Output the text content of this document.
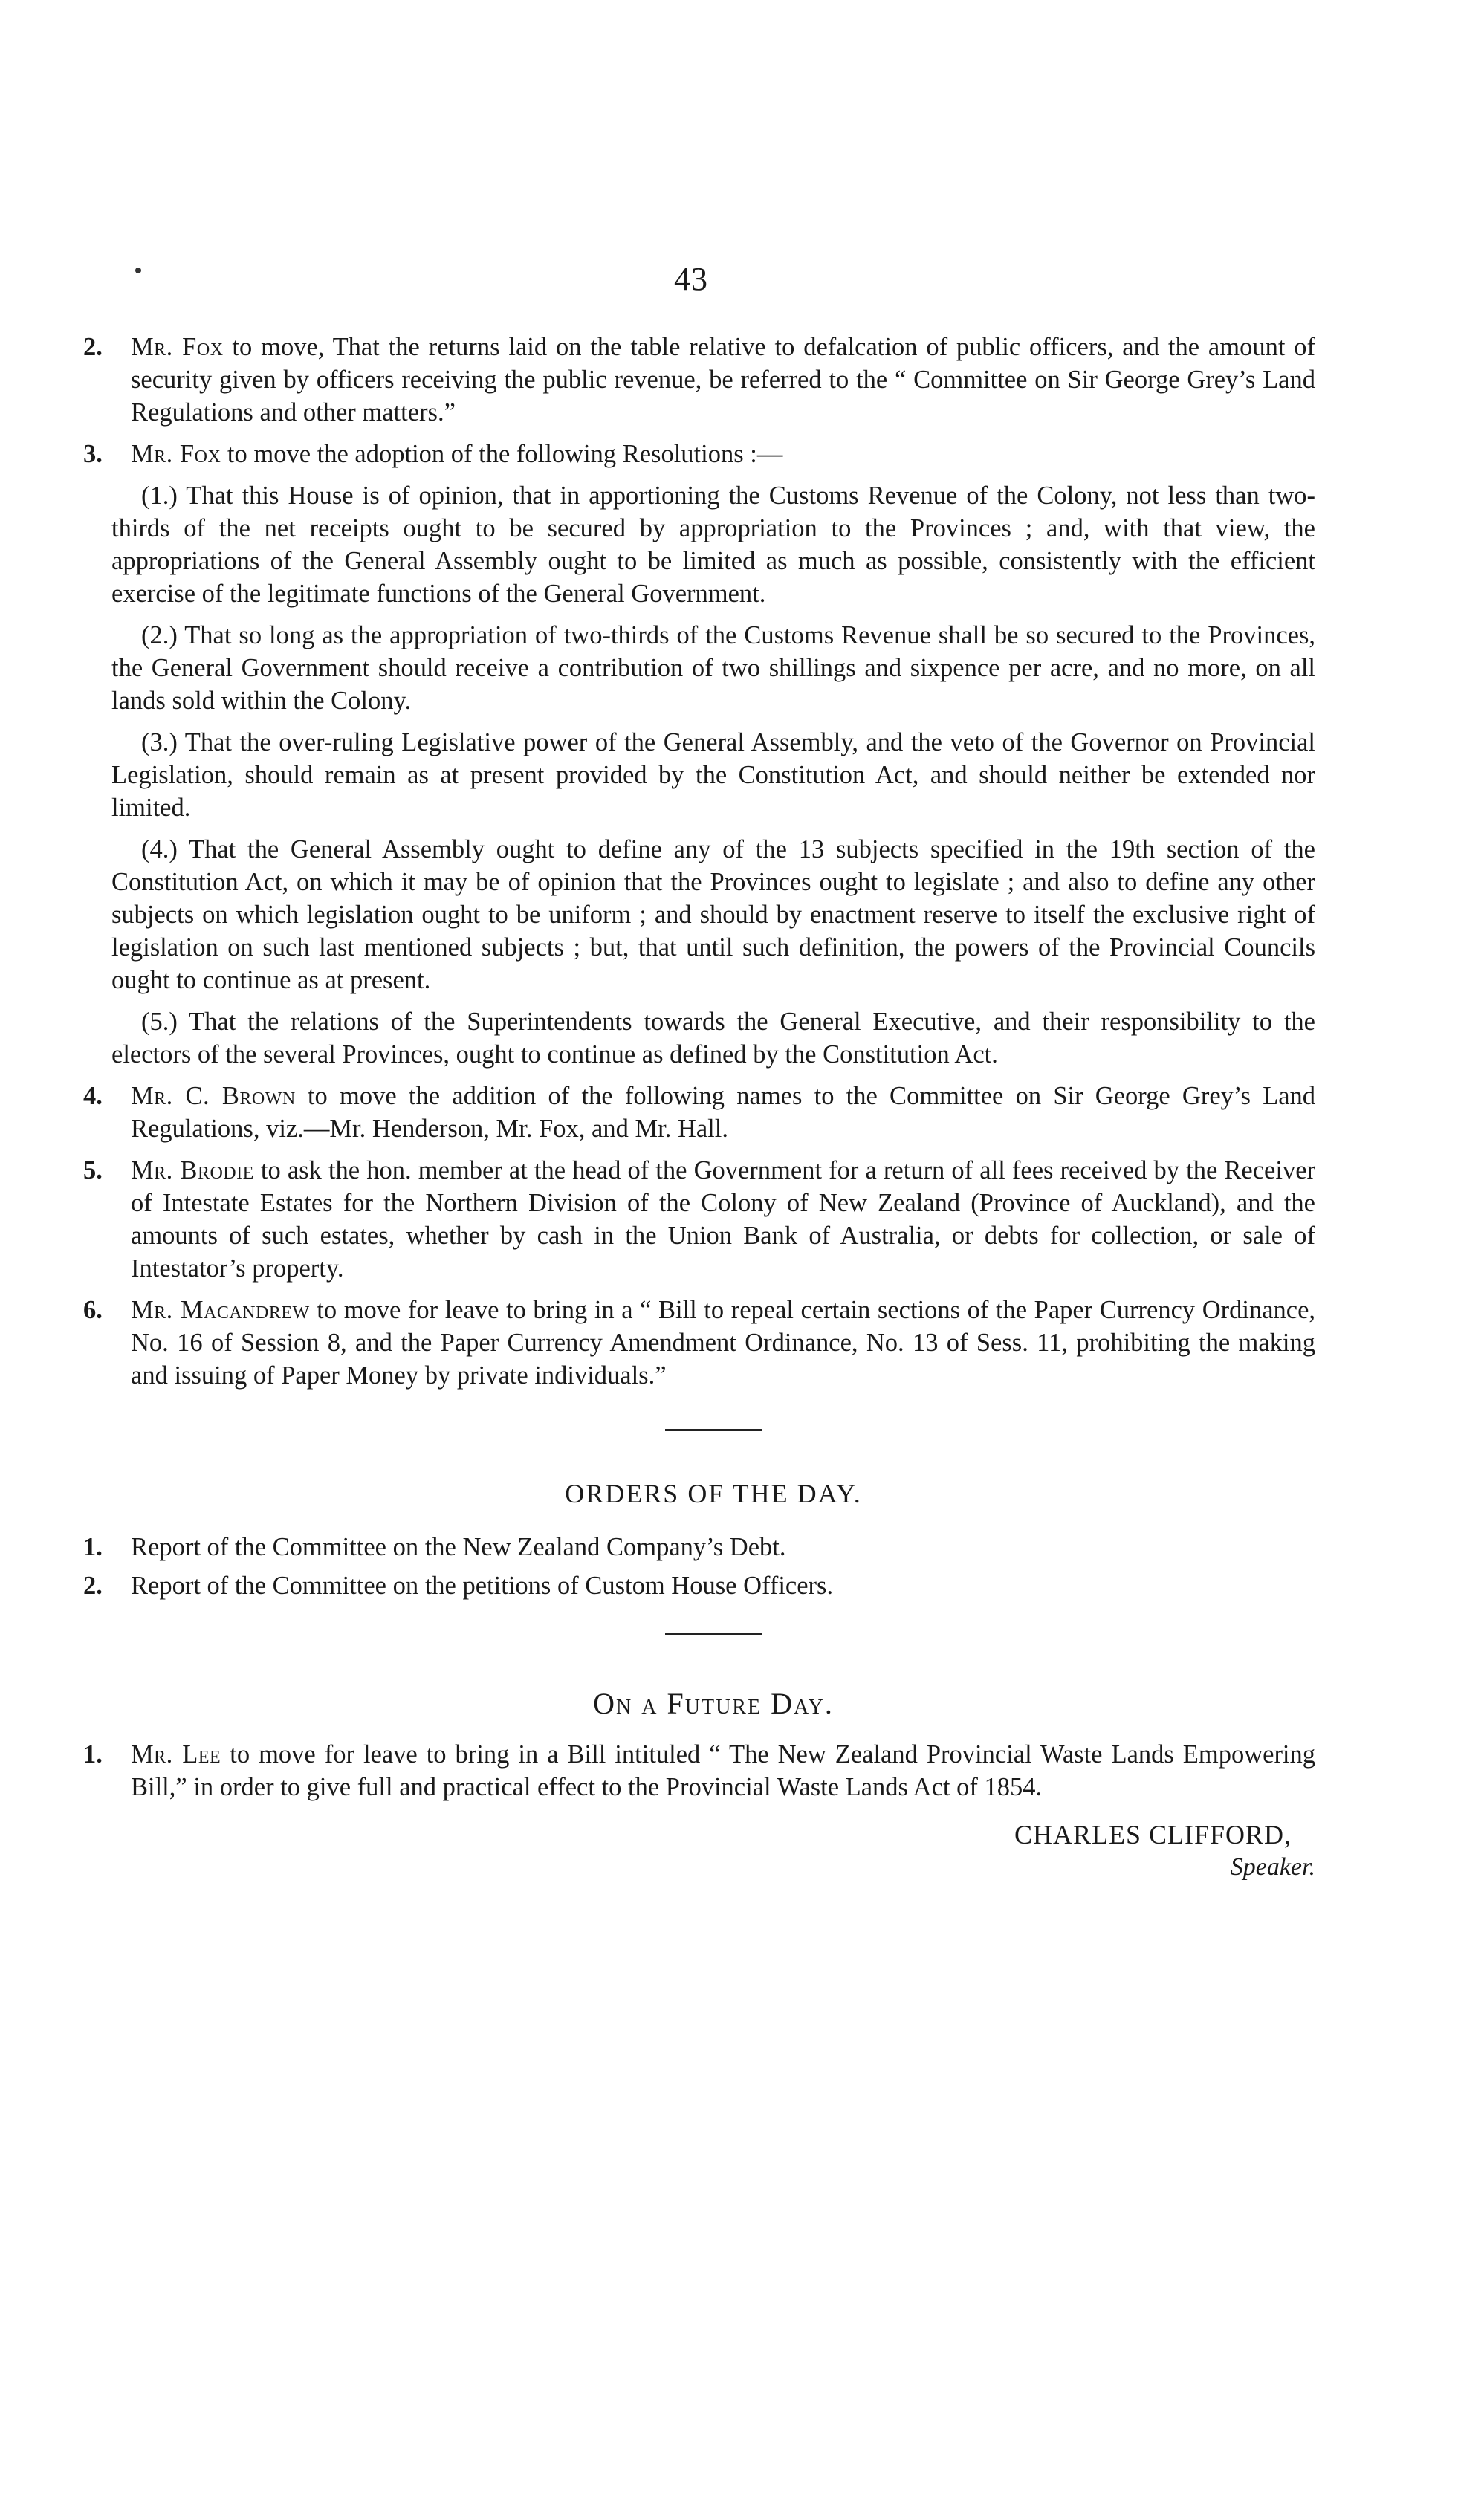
43
2. Mr. Fox to move, That the returns laid on the table relative to defalcation of public officers, and the amount of security given by officers receiving the public revenue, be referred to the “ Committee on Sir George Grey’s Land Regulations and other matters.”
3. Mr. Fox to move the adoption of the following Resolutions :—
(1.) That this House is of opinion, that in apportioning the Customs Revenue of the Colony, not less than two-thirds of the net receipts ought to be secured by appropriation to the Provinces ; and, with that view, the appropriations of the General Assembly ought to be limited as much as possible, consistently with the efficient exercise of the legitimate functions of the General Government.
(2.) That so long as the appropriation of two-thirds of the Customs Revenue shall be so secured to the Provinces, the General Government should receive a contribution of two shillings and sixpence per acre, and no more, on all lands sold within the Colony.
(3.) That the over-ruling Legislative power of the General Assembly, and the veto of the Governor on Provincial Legislation, should remain as at present provided by the Constitution Act, and should neither be extended nor limited.
(4.) That the General Assembly ought to define any of the 13 subjects specified in the 19th section of the Constitution Act, on which it may be of opinion that the Provinces ought to legislate ; and also to define any other subjects on which legislation ought to be uniform ; and should by enactment reserve to itself the exclusive right of legislation on such last mentioned subjects ; but, that until such definition, the powers of the Provincial Councils ought to continue as at present.
(5.) That the relations of the Superintendents towards the General Executive, and their responsibility to the electors of the several Provinces, ought to continue as defined by the Constitution Act.
4. Mr. C. Brown to move the addition of the following names to the Committee on Sir George Grey’s Land Regulations, viz.—Mr. Henderson, Mr. Fox, and Mr. Hall.
5. Mr. Brodie to ask the hon. member at the head of the Government for a return of all fees received by the Receiver of Intestate Estates for the Northern Division of the Colony of New Zealand (Province of Auckland), and the amounts of such estates, whether by cash in the Union Bank of Australia, or debts for collection, or sale of Intestator’s property.
6. Mr. Macandrew to move for leave to bring in a “ Bill to repeal certain sections of the Paper Currency Ordinance, No. 16 of Session 8, and the Paper Currency Amendment Ordinance, No. 13 of Sess. 11, prohibiting the making and issuing of Paper Money by private individuals.”
ORDERS OF THE DAY.
1. Report of the Committee on the New Zealand Company’s Debt.
2. Report of the Committee on the petitions of Custom House Officers.
On a Future Day.
1. Mr. Lee to move for leave to bring in a Bill intituled “ The New Zealand Provincial Waste Lands Empowering Bill,” in order to give full and practical effect to the Provincial Waste Lands Act of 1854.
CHARLES CLIFFORD,
Speaker.
